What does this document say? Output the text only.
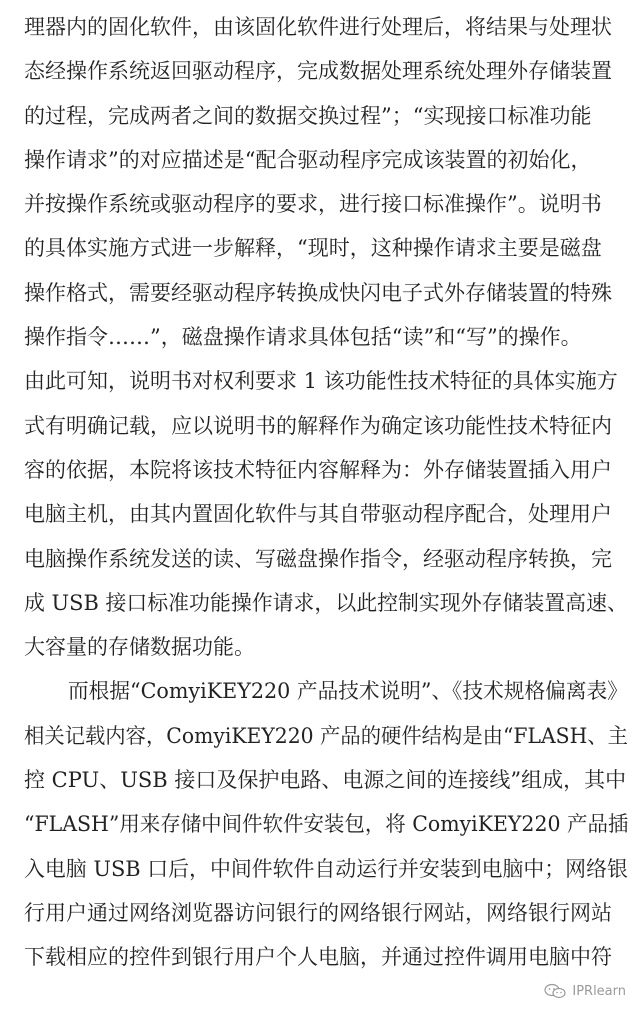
理器内的固化软件，由该固化软件进行处理后，将结果与处理状

态经操作系统返回驱动程序，完成数据处理系统处理外存储装置

的过程，完成两者之间的数据交换过程”；“实现接口标准功能

操作请求”的对应描述是“配合驱动程序完成该装置的初始化，

并按操作系统或驱动程序的要求，进行接口标准操作”。说明书

的具体实施方式进一步解释，“现时，这种操作请求主要是磁盘

操作格式，需要经驱动程序转换成快闪电子式外存储装置的特殊

操作指令……”，磁盘操作请求具体包括“读”和“写”的操作。

由此可知，说明书对权利要求 1 该功能性技术特征的具体实施方

式有明确记载，应以说明书的解释作为确定该功能性技术特征内

容的依据，本院将该技术特征内容解释为：外存储装置插入用户

电脑主机，由其内置固化软件与其自带驱动程序配合，处理用户

电脑操作系统发送的读、写磁盘操作指令，经驱动程序转换，完

成 USB 接口标准功能操作请求，以此控制实现外存储装置高速、

大容量的存储数据功能。

而根据“ComyiKEY220 产品技术说明”、《技术规格偏离表》

相关记载内容，ComyiKEY220 产品的硬件结构是由“FLASH、主

控 CPU、USB 接口及保护电路、电源之间的连接线”组成，其中

“FLASH”用来存储中间件软件安装包，将 ComyiKEY220 产品插

入电脑 USB 口后，中间件软件自动运行并安装到电脑中；网络银

行用户通过网络浏览器访问银行的网络银行网站，网络银行网站

下载相应的控件到银行用户个人电脑，并通过控件调用电脑中符

IPRlearn
